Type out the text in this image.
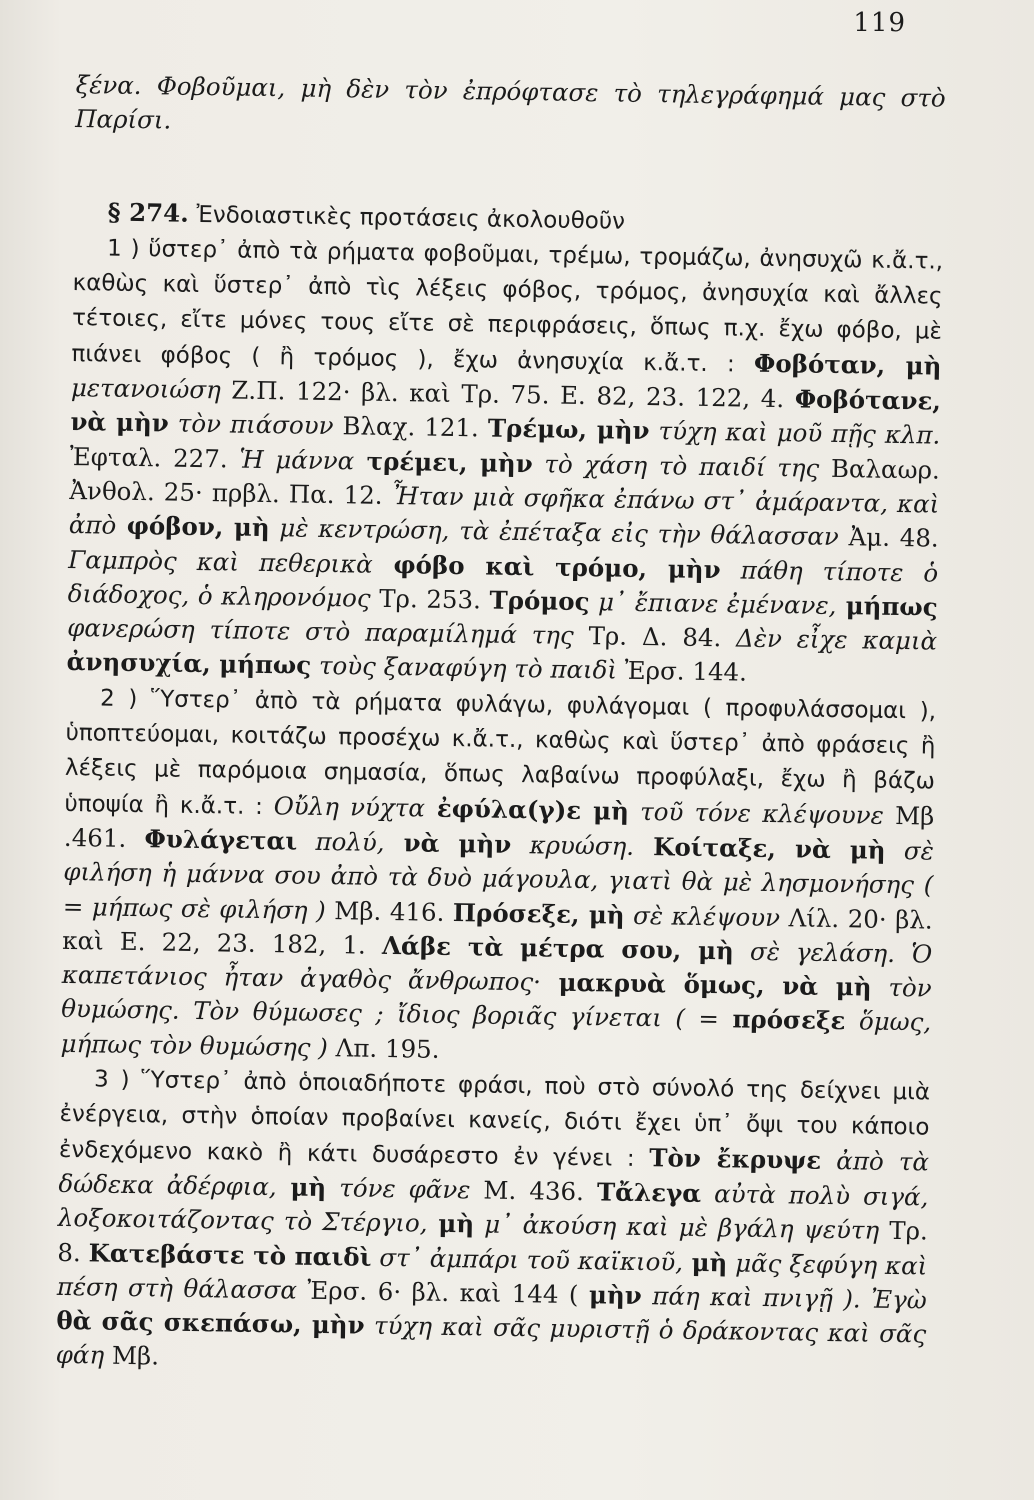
119

ξένα. Φοβοῦμαι, μὴ δὲν τὸν ἐπρόφτασε τὸ τηλεγράφημά μας στὸ Παρίσι.

§ 274. Ἐνδοιαστικὲς προτάσεις ἀκολουθοῦν

1 ) ὕστερ᾽ ἀπὸ τὰ ρήματα φοβοῦμαι, τρέμω, τρομάζω, ἀνησυχῶ κ.ἄ.τ., καθὼς καὶ ὕστερ᾽ ἀπὸ τὶς λέξεις φόβος, τρόμος, ἀνησυχία καὶ ἄλλες τέτοιες, εἴτε μόνες τους εἴτε σὲ περιφράσεις, ὅπως π.χ. ἔχω φόβο, μὲ πιάνει φόβος ( ἢ τρόμος ), ἔχω ἀνησυχία κ.ἄ.τ. : Φοβόταν, μὴ μετανοιώση Ζ.Π. 122· βλ. καὶ Τρ. 75. Ε. 82, 23. 122, 4. Φοβότανε, νὰ μὴν τὸν πιάσουν Βλαχ. 121. Τρέμω, μὴν τύχη καὶ μοῦ πῇς κλπ. Ἐφταλ. 227. Ἡ μάννα τρέμει, μὴν τὸ χάση τὸ παιδί της Βαλαωρ. Ἀνθολ. 25· πρβλ. Πα. 12. Ἦταν μιὰ σφῆκα ἐπάνω στ᾽ ἀμάραντα, καὶ ἀπὸ φόβον, μὴ μὲ κεντρώση, τὰ ἐπέταξα εἰς τὴν θάλασσαν Ἀμ. 48. Γαμπρὸς καὶ πεθερικὰ φόβο καὶ τρόμο, μὴν πάθη τίποτε ὁ διάδοχος, ὁ κληρονόμος Τρ. 253. Τρόμος μ᾽ ἔπιανε ἐμένανε, μήπως φανερώση τίποτε στὸ παραμίλημά της Τρ. Δ. 84. Δὲν εἶχε καμιὰ ἀνησυχία, μήπως τοὺς ξαναφύγη τὸ παιδὶ Ἐρσ. 144.

2 ) Ὕστερ᾽ ἀπὸ τὰ ρήματα φυλάγω, φυλάγομαι ( προφυλάσσομαι ), ὑποπτεύομαι, κοιτάζω προσέχω κ.ἄ.τ., καθὼς καὶ ὕστερ᾽ ἀπὸ φράσεις ἢ λέξεις μὲ παρόμοια σημασία, ὅπως λαβαίνω προφύλαξι, ἔχω ἢ βάζω ὑποψία ἢ κ.ἄ.τ. : Οὔλη νύχτα ἐφύλα(γ)ε μὴ τοῦ τόνε κλέψουνε Μβ .461. Φυλάγεται πολύ, νὰ μὴν κρυώση. Κοίταξε, νὰ μὴ σὲ φιλήση ἡ μάννα σου ἀπὸ τὰ δυὸ μάγουλα, γιατὶ θὰ μὲ λησμονήσης ( = μήπως σὲ φιλήση ) Μβ. 416. Πρόσεξε, μὴ σὲ κλέψουν Λίλ. 20· βλ. καὶ Ε. 22, 23. 182, 1. Λάβε τὰ μέτρα σου, μὴ σὲ γελάση. Ὁ καπετάνιος ἦταν ἀγαθὸς ἄνθρωπος· μακρυὰ ὅμως, νὰ μὴ τὸν θυμώσης. Τὸν θύμωσες ; ἴδιος βοριᾶς γίνεται ( = πρόσεξε ὅμως, μήπως τὸν θυμώσης ) Λπ. 195.

3 ) Ὕστερ᾽ ἀπὸ ὁποιαδήποτε φράσι, ποὺ στὸ σύνολό της δείχνει μιὰ ἐνέργεια, στὴν ὁποίαν προβαίνει κανείς, διότι ἔχει ὑπ᾽ ὄψι του κάποιο ἐνδεχόμενο κακὸ ἢ κάτι δυσάρεστο ἐν γένει : Τὸν ἔκρυψε ἀπὸ τὰ δώδεκα ἀδέρφια, μὴ τόνε φᾶνε Μ. 436. Τἄλεγα αὐτὰ πολὺ σιγά, λοξοκοιτάζοντας τὸ Στέργιο, μὴ μ᾽ ἀκούση καὶ μὲ βγάλη ψεύτη Τρ. 8. Κατεβάστε τὸ παιδὶ στ᾽ ἀμπάρι τοῦ καϊκιοῦ, μὴ μᾶς ξεφύγη καὶ πέση στὴ θάλασσα Ἐρσ. 6· βλ. καὶ 144 ( μὴν πάη καὶ πνιγῇ ). Ἐγὼ θὰ σᾶς σκεπάσω, μὴν τύχη καὶ σᾶς μυριστῇ ὁ δράκοντας καὶ σᾶς φάη Μβ.
